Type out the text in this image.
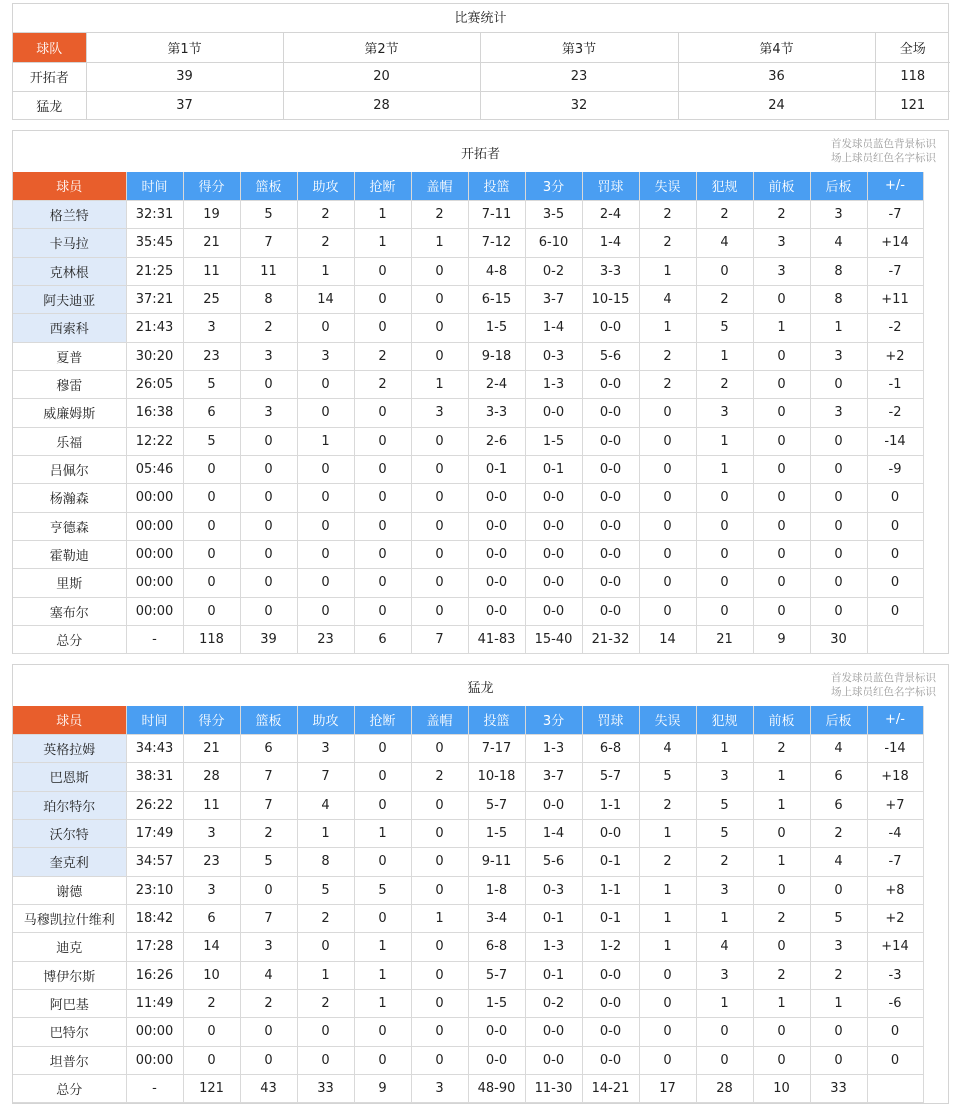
比赛统计
球队	第1节	第2节	第3节	第4节	全场
开拓者	39	20	23	36	118
猛龙	37	28	32	24	121
开拓者
首发球员蓝色背景标识
场上球员红色名字标识
球员	时间	得分	篮板	助攻	抢断	盖帽	投篮	3分	罚球	失误	犯规	前板	后板	+/-
格兰特	32:31	19	5	2	1	2	7-11	3-5	2-4	2	2	2	3	-7
卡马拉	35:45	21	7	2	1	1	7-12	6-10	1-4	2	4	3	4	+14
克林根	21:25	11	11	1	0	0	4-8	0-2	3-3	1	0	3	8	-7
阿夫迪亚	37:21	25	8	14	0	0	6-15	3-7	10-15	4	2	0	8	+11
西索科	21:43	3	2	0	0	0	1-5	1-4	0-0	1	5	1	1	-2
夏普	30:20	23	3	3	2	0	9-18	0-3	5-6	2	1	0	3	+2
穆雷	26:05	5	0	0	2	1	2-4	1-3	0-0	2	2	0	0	-1
威廉姆斯	16:38	6	3	0	0	3	3-3	0-0	0-0	0	3	0	3	-2
乐福	12:22	5	0	1	0	0	2-6	1-5	0-0	0	1	0	0	-14
吕佩尔	05:46	0	0	0	0	0	0-1	0-1	0-0	0	1	0	0	-9
杨瀚森	00:00	0	0	0	0	0	0-0	0-0	0-0	0	0	0	0	0
亨德森	00:00	0	0	0	0	0	0-0	0-0	0-0	0	0	0	0	0
霍勒迪	00:00	0	0	0	0	0	0-0	0-0	0-0	0	0	0	0	0
里斯	00:00	0	0	0	0	0	0-0	0-0	0-0	0	0	0	0	0
塞布尔	00:00	0	0	0	0	0	0-0	0-0	0-0	0	0	0	0	0
总分	-	118	39	23	6	7	41-83	15-40	21-32	14	21	9	30	
猛龙
首发球员蓝色背景标识
场上球员红色名字标识
球员	时间	得分	篮板	助攻	抢断	盖帽	投篮	3分	罚球	失误	犯规	前板	后板	+/-
英格拉姆	34:43	21	6	3	0	0	7-17	1-3	6-8	4	1	2	4	-14
巴恩斯	38:31	28	7	7	0	2	10-18	3-7	5-7	5	3	1	6	+18
珀尔特尔	26:22	11	7	4	0	0	5-7	0-0	1-1	2	5	1	6	+7
沃尔特	17:49	3	2	1	1	0	1-5	1-4	0-0	1	5	0	2	-4
奎克利	34:57	23	5	8	0	0	9-11	5-6	0-1	2	2	1	4	-7
谢德	23:10	3	0	5	5	0	1-8	0-3	1-1	1	3	0	0	+8
马穆凯拉什维利	18:42	6	7	2	0	1	3-4	0-1	0-1	1	1	2	5	+2
迪克	17:28	14	3	0	1	0	6-8	1-3	1-2	1	4	0	3	+14
博伊尔斯	16:26	10	4	1	1	0	5-7	0-1	0-0	0	3	2	2	-3
阿巴基	11:49	2	2	2	1	0	1-5	0-2	0-0	0	1	1	1	-6
巴特尔	00:00	0	0	0	0	0	0-0	0-0	0-0	0	0	0	0	0
坦普尔	00:00	0	0	0	0	0	0-0	0-0	0-0	0	0	0	0	0
总分	-	121	43	33	9	3	48-90	11-30	14-21	17	28	10	33	
